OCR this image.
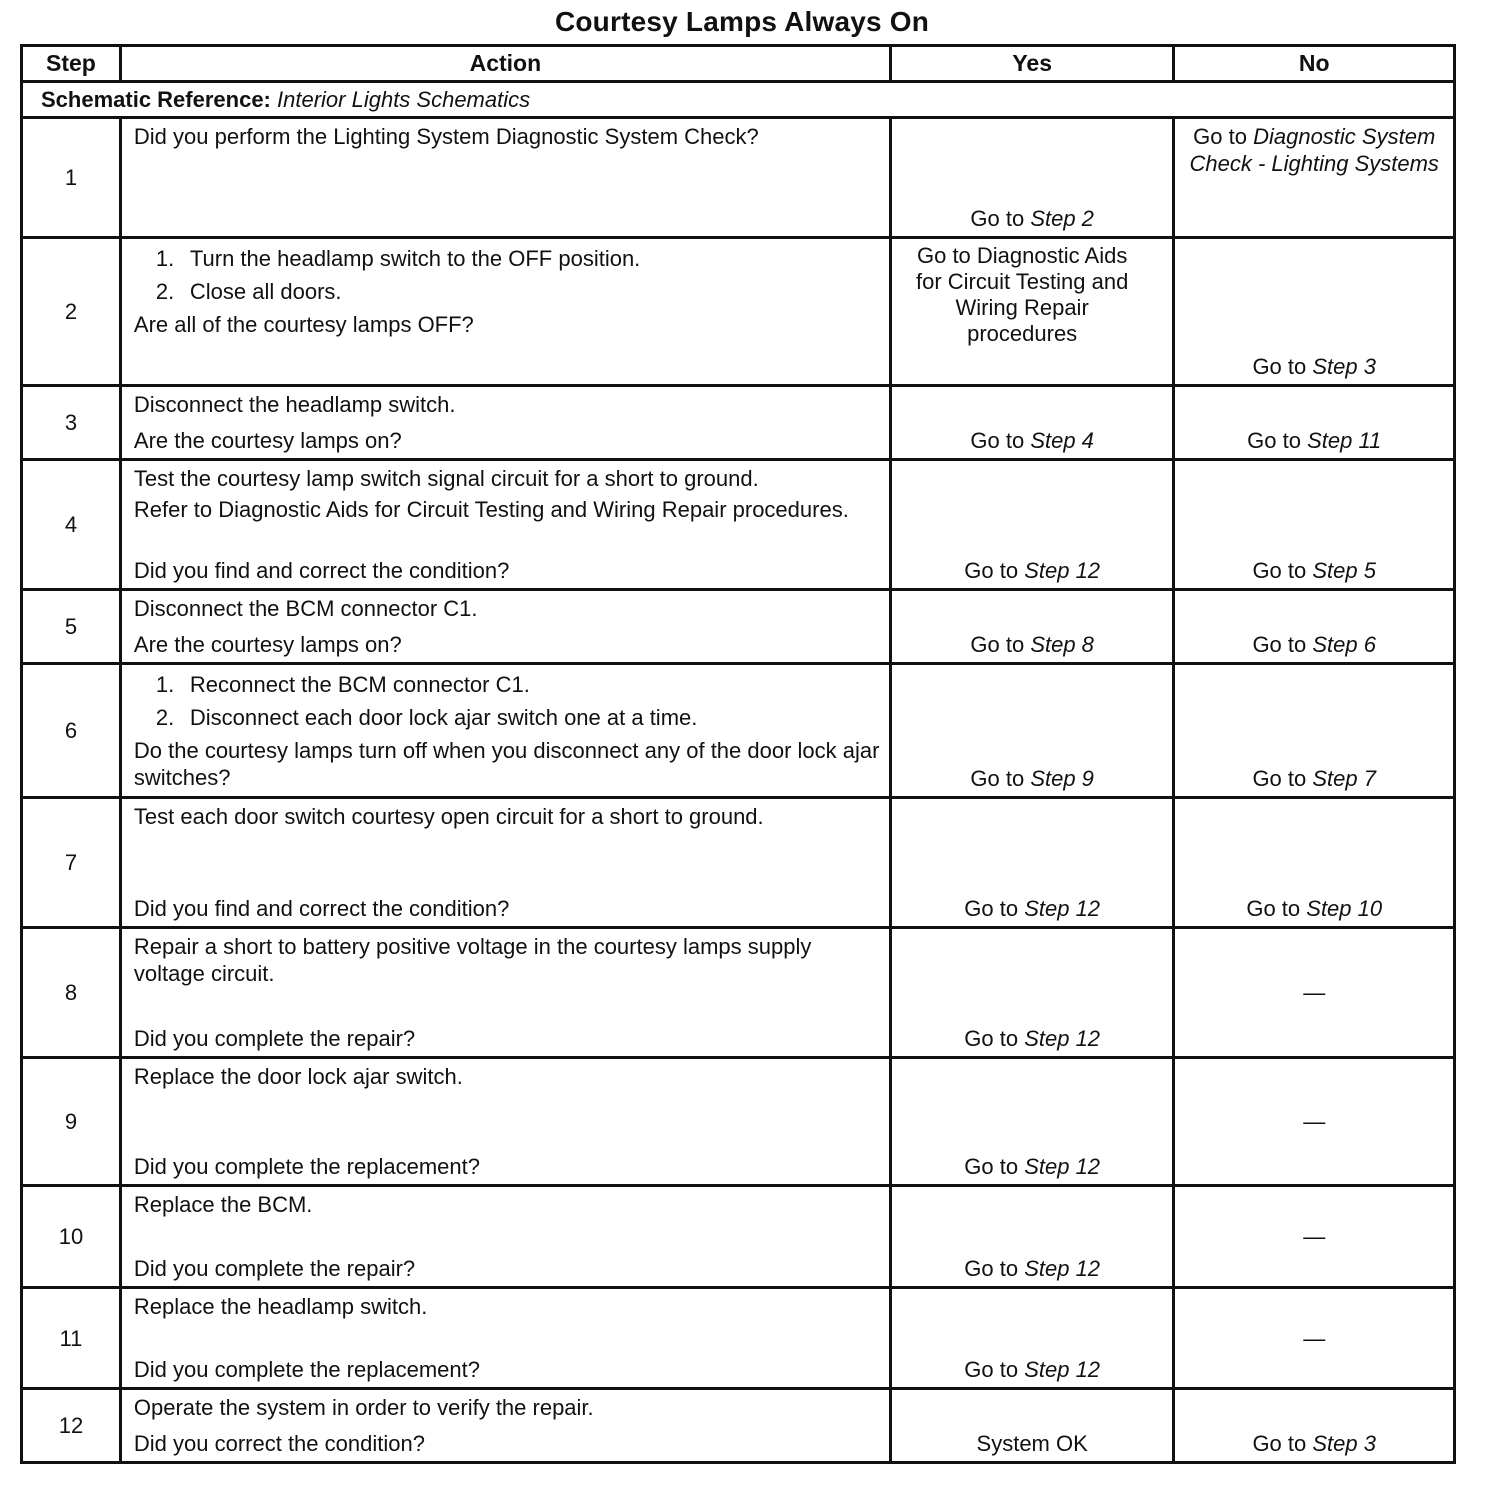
Courtesy Lamps Always On
Step	Action	Yes	No
Schematic Reference: Interior Lights Schematics			
1	Did you perform the Lighting System Diagnostic System Check?	Go to Step 2	Go to Diagnostic System Check - Lighting Systems
2	1. Turn the headlamp switch to the OFF position.
2. Close all doors.
Are all of the courtesy lamps OFF?	Go to Diagnostic Aids for Circuit Testing and Wiring Repair procedures	Go to Step 3
3	Disconnect the headlamp switch.
Are the courtesy lamps on?	Go to Step 4	Go to Step 11
4	Test the courtesy lamp switch signal circuit for a short to ground.
Refer to Diagnostic Aids for Circuit Testing and Wiring Repair procedures.
Did you find and correct the condition?	Go to Step 12	Go to Step 5
5	Disconnect the BCM connector C1.
Are the courtesy lamps on?	Go to Step 8	Go to Step 6
6	1. Reconnect the BCM connector C1.
2. Disconnect each door lock ajar switch one at a time.
Do the courtesy lamps turn off when you disconnect any of the door lock ajar switches?	Go to Step 9	Go to Step 7
7	Test each door switch courtesy open circuit for a short to ground.
Did you find and correct the condition?	Go to Step 12	Go to Step 10
8	Repair a short to battery positive voltage in the courtesy lamps supply voltage circuit.
Did you complete the repair?	Go to Step 12	—
9	Replace the door lock ajar switch.
Did you complete the replacement?	Go to Step 12	—
10	Replace the BCM.
Did you complete the repair?	Go to Step 12	—
11	Replace the headlamp switch.
Did you complete the replacement?	Go to Step 12	—
12	Operate the system in order to verify the repair.
Did you correct the condition?	System OK	Go to Step 3
